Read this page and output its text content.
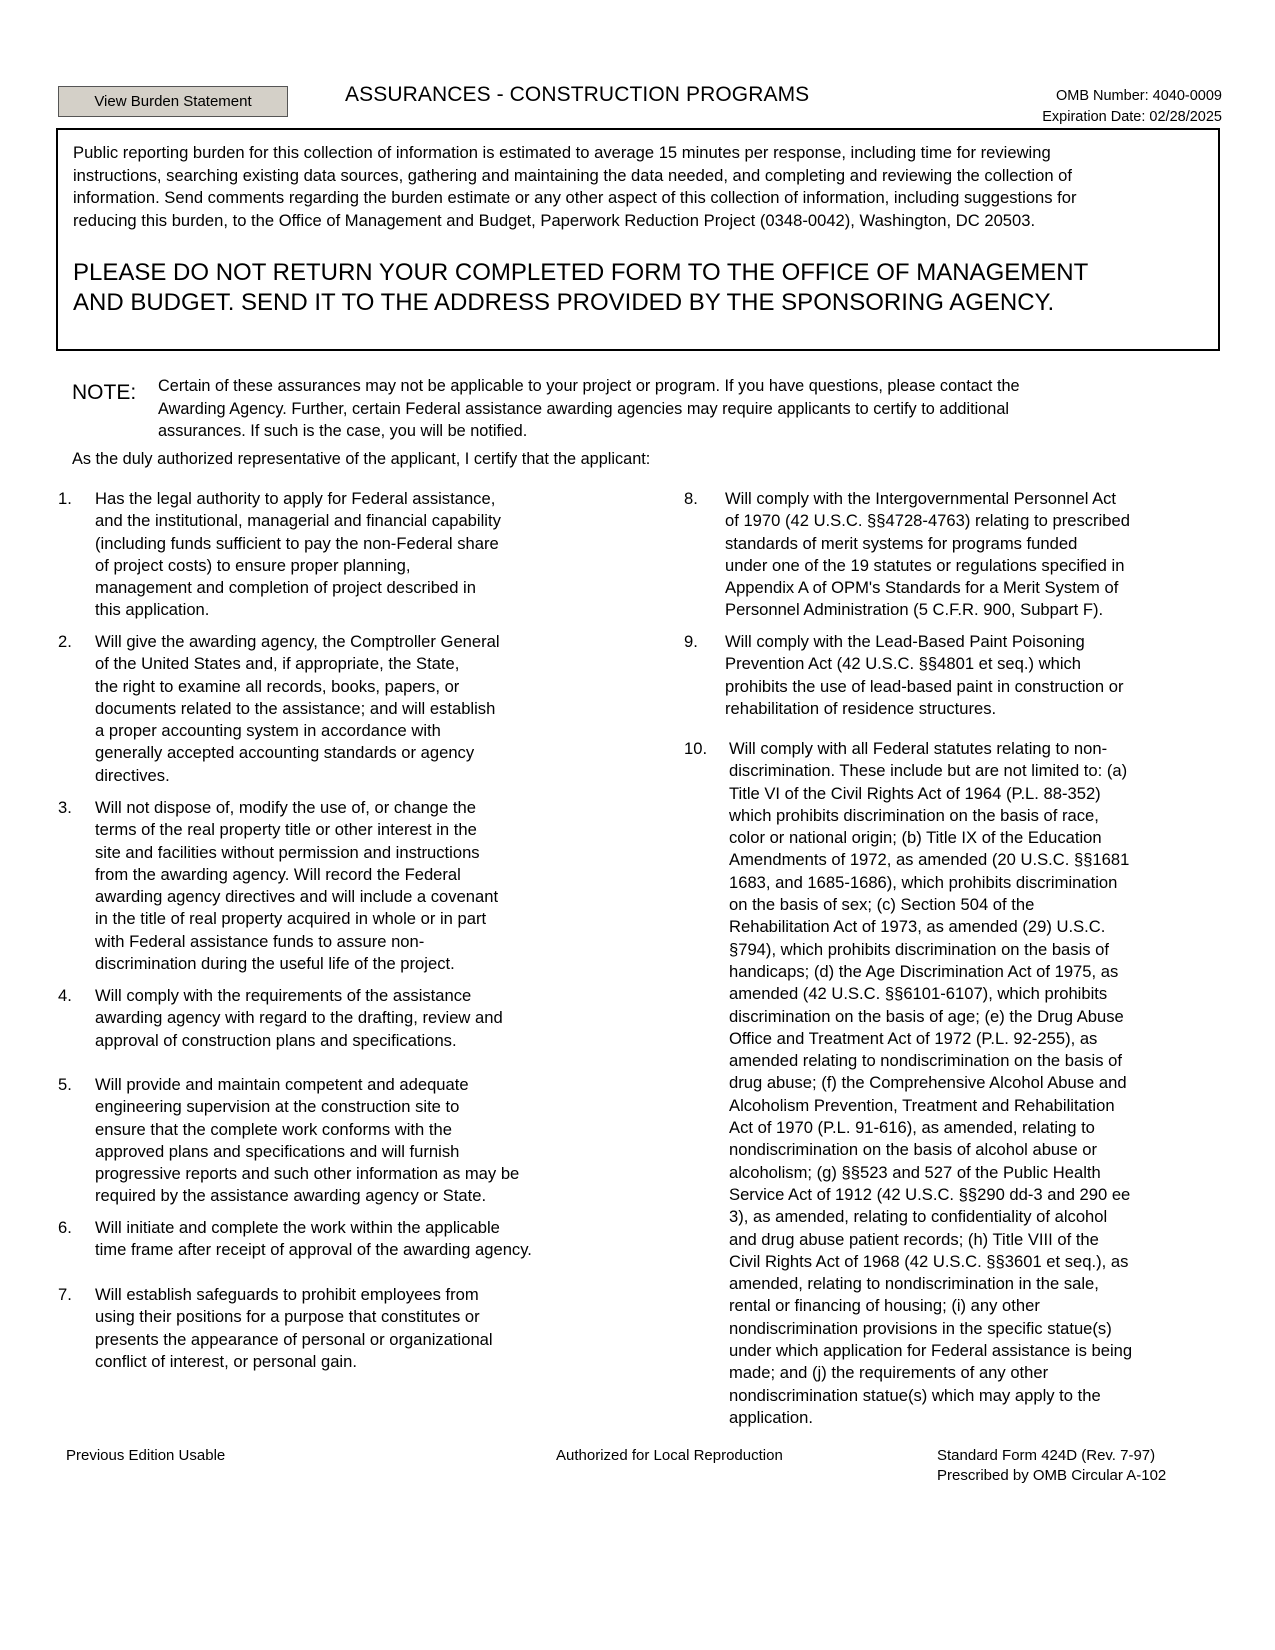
View Burden Statement	ASSURANCES - CONSTRUCTION PROGRAMS	OMB Number: 4040-0009
Expiration Date: 02/28/2025
Public reporting burden for this collection of information is estimated to average 15 minutes per response, including time for reviewing
instructions, searching existing data sources, gathering and maintaining the data needed, and completing and reviewing the collection of
information. Send comments regarding the burden estimate or any other aspect of this collection of information, including suggestions for
reducing this burden, to the Office of Management and Budget, Paperwork Reduction Project (0348-0042), Washington, DC 20503.
PLEASE DO NOT RETURN YOUR COMPLETED FORM TO THE OFFICE OF MANAGEMENT
AND BUDGET. SEND IT TO THE ADDRESS PROVIDED BY THE SPONSORING AGENCY.
NOTE: Certain of these assurances may not be applicable to your project or program. If you have questions, please contact the
Awarding Agency. Further, certain Federal assistance awarding agencies may require applicants to certify to additional
assurances. If such is the case, you will be notified.
As the duly authorized representative of the applicant, I certify that the applicant:
1. Has the legal authority to apply for Federal assistance,
and the institutional, managerial and financial capability
(including funds sufficient to pay the non-Federal share
of project costs) to ensure proper planning,
management and completion of project described in
this application.
2. Will give the awarding agency, the Comptroller General
of the United States and, if appropriate, the State,
the right to examine all records, books, papers, or
documents related to the assistance; and will establish
a proper accounting system in accordance with
generally accepted accounting standards or agency
directives.
3. Will not dispose of, modify the use of, or change the
terms of the real property title or other interest in the
site and facilities without permission and instructions
from the awarding agency. Will record the Federal
awarding agency directives and will include a covenant
in the title of real property acquired in whole or in part
with Federal assistance funds to assure non-
discrimination during the useful life of the project.
4. Will comply with the requirements of the assistance
awarding agency with regard to the drafting, review and
approval of construction plans and specifications.
5. Will provide and maintain competent and adequate
engineering supervision at the construction site to
ensure that the complete work conforms with the
approved plans and specifications and will furnish
progressive reports and such other information as may be
required by the assistance awarding agency or State.
6. Will initiate and complete the work within the applicable
time frame after receipt of approval of the awarding agency.
7. Will establish safeguards to prohibit employees from
using their positions for a purpose that constitutes or
presents the appearance of personal or organizational
conflict of interest, or personal gain.
8. Will comply with the Intergovernmental Personnel Act
of 1970 (42 U.S.C. §§4728-4763) relating to prescribed
standards of merit systems for programs funded
under one of the 19 statutes or regulations specified in
Appendix A of OPM's Standards for a Merit System of
Personnel Administration (5 C.F.R. 900, Subpart F).
9. Will comply with the Lead-Based Paint Poisoning
Prevention Act (42 U.S.C. §§4801 et seq.) which
prohibits the use of lead-based paint in construction or
rehabilitation of residence structures.
10. Will comply with all Federal statutes relating to non-
discrimination. These include but are not limited to: (a)
Title VI of the Civil Rights Act of 1964 (P.L. 88-352)
which prohibits discrimination on the basis of race,
color or national origin; (b) Title IX of the Education
Amendments of 1972, as amended (20 U.S.C. §§1681
1683, and 1685-1686), which prohibits discrimination
on the basis of sex; (c) Section 504 of the
Rehabilitation Act of 1973, as amended (29) U.S.C.
§794), which prohibits discrimination on the basis of
handicaps; (d) the Age Discrimination Act of 1975, as
amended (42 U.S.C. §§6101-6107), which prohibits
discrimination on the basis of age; (e) the Drug Abuse
Office and Treatment Act of 1972 (P.L. 92-255), as
amended relating to nondiscrimination on the basis of
drug abuse; (f) the Comprehensive Alcohol Abuse and
Alcoholism Prevention, Treatment and Rehabilitation
Act of 1970 (P.L. 91-616), as amended, relating to
nondiscrimination on the basis of alcohol abuse or
alcoholism; (g) §§523 and 527 of the Public Health
Service Act of 1912 (42 U.S.C. §§290 dd-3 and 290 ee
3), as amended, relating to confidentiality of alcohol
and drug abuse patient records; (h) Title VIII of the
Civil Rights Act of 1968 (42 U.S.C. §§3601 et seq.), as
amended, relating to nondiscrimination in the sale,
rental or financing of housing; (i) any other
nondiscrimination provisions in the specific statue(s)
under which application for Federal assistance is being
made; and (j) the requirements of any other
nondiscrimination statue(s) which may apply to the
application.
Previous Edition Usable	Authorized for Local Reproduction	Standard Form 424D (Rev. 7-97)
Prescribed by OMB Circular A-102
